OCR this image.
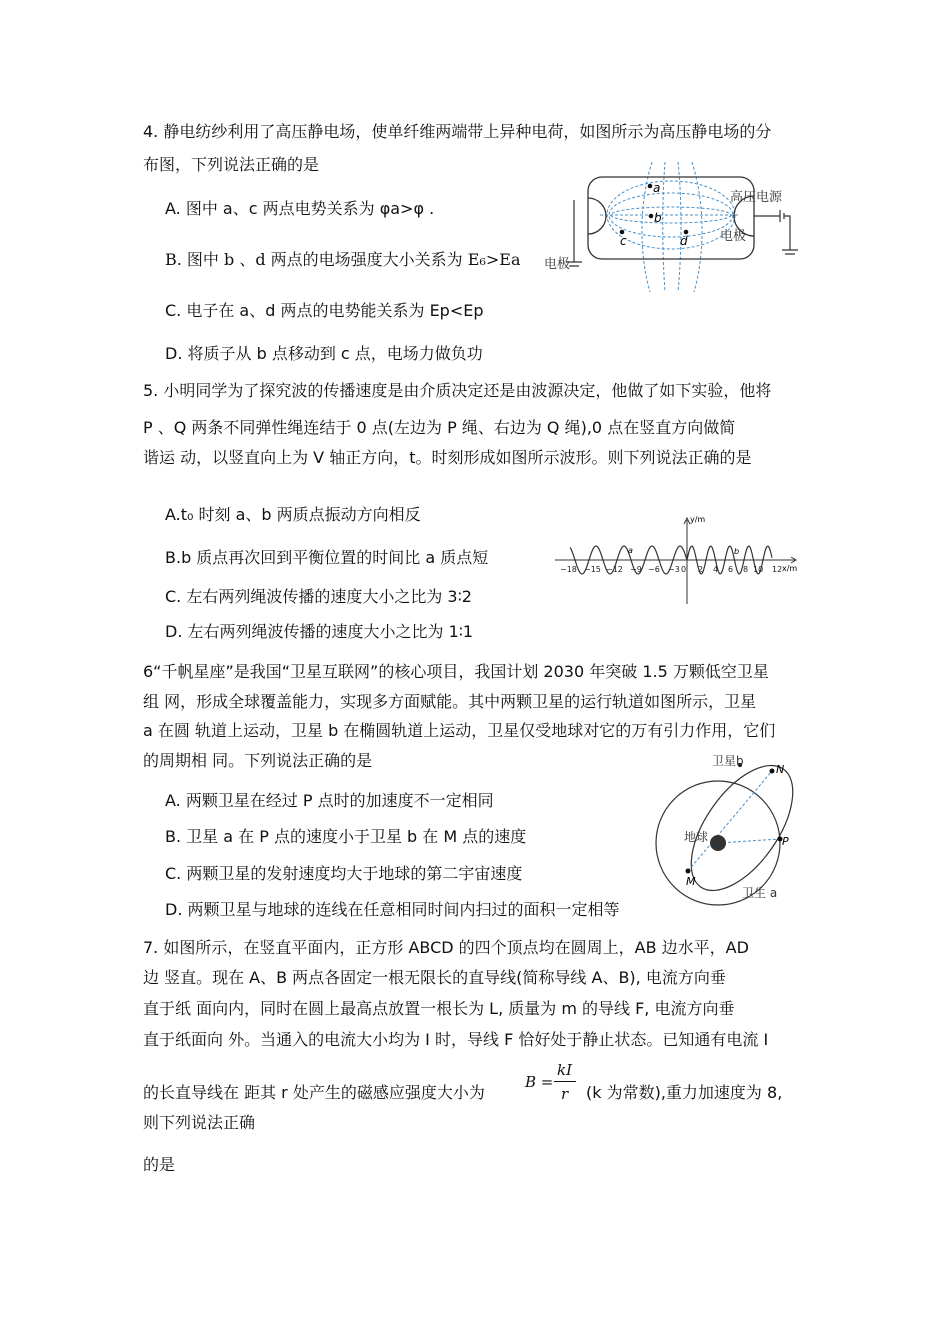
4. 静电纺纱利用了高压静电场，使单纤维两端带上异种电荷，如图所示为高压静电场的分
布图，下列说法正确的是
A. 图中 a、c 两点电势关系为 φa>φ .
B. 图中 b 、d 两点的电场强度大小关系为 E₆>Ea
C. 电子在 a、d 两点的电势能关系为 Ep<Ep
D. 将质子从 b 点移动到 c 点，电场力做负功
a
b
c	d
高压电源
电极
电极
5. 小明同学为了探究波的传播速度是由介质决定还是由波源决定，他做了如下实验，他将
P 、Q 两条不同弹性绳连结于 0 点(左边为 P 绳、右边为 Q 绳),0 点在竖直方向做简
谐运 动，以竖直向上为 V 轴正方向，t。时刻形成如图所示波形。则下列说法正确的是
A.t₀ 时刻 a、b 两质点振动方向相反
B.b 质点再次回到平衡位置的时间比 a 质点短
C. 左右两列绳波传播的速度大小之比为 3∶2
D. 左右两列绳波传播的速度大小之比为 1∶1
y/m
x/m
−18 −15 −12 −9 −6 −3 0 2 4 6 8 10 12
a	b
6“千帆星座”是我国“卫星互联网”的核心项目，我国计划 2030 年突破 1.5 万颗低空卫星
组 网，形成全球覆盖能力，实现多方面赋能。其中两颗卫星的运行轨道如图所示，卫星
a 在圆 轨道上运动，卫星 b 在椭圆轨道上运动，卫星仅受地球对它的万有引力作用，它们
的周期相 同。下列说法正确的是
A. 两颗卫星在经过 P 点时的加速度不一定相同
B. 卫星 a 在 P 点的速度小于卫星 b 在 M 点的速度
C. 两颗卫星的发射速度均大于地球的第二宇宙速度
D. 两颗卫星与地球的连线在任意相同时间内扫过的面积一定相等
卫星b
N
P
M
地球
卫生 a
7. 如图所示，在竖直平面内，正方形 ABCD 的四个顶点均在圆周上，AB 边水平，AD
边 竖直。现在 A、B 两点各固定一根无限长的直导线(简称导线 A、B), 电流方向垂
直于纸 面向内，同时在圆上最高点放置一根长为 L, 质量为 m 的导线 F, 电流方向垂
直于纸面向 外。当通入的电流大小均为 I 时，导线 F 恰好处于静止状态。已知通有电流 I
的长直导线在 距其 r 处产生的磁感应强度大小为
B =
kI
r (k 为常数),重力加速度为 8,
则下列说法正确
的是
